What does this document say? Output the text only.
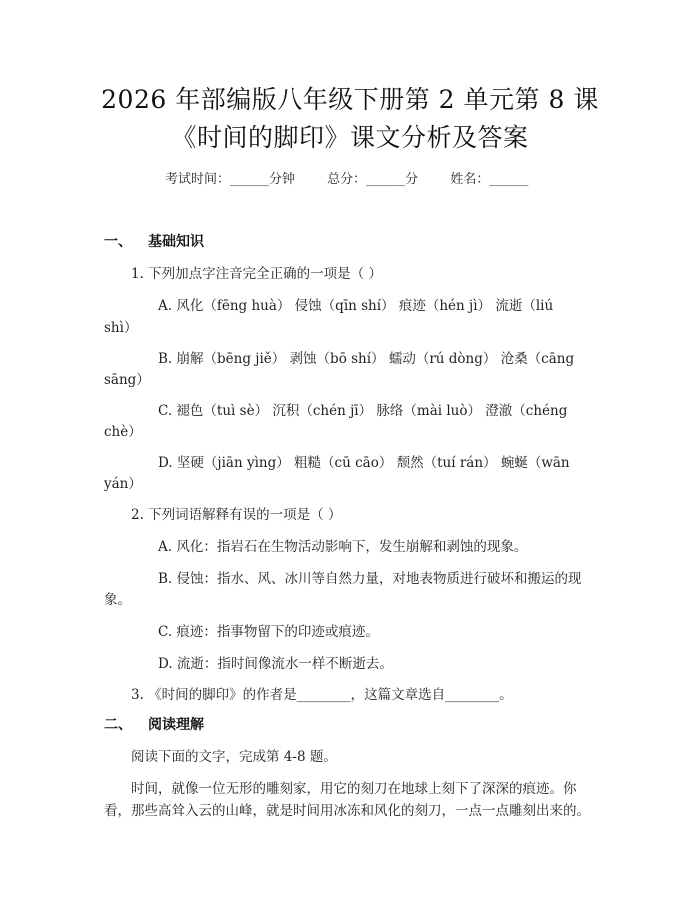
2026 年部编版八年级下册第 2 单元第 8 课
《时间的脚印》课文分析及答案
考试时间：______分钟 总分：______分 姓名：______
一、 基础知识
1. 下列加点字注音完全正确的一项是（ ）
A. 风化（fēng huà） 侵蚀（qīn shí） 痕迹（hén jì） 流逝（liú
shì）
B. 崩解（bēng jiě） 剥蚀（bō shí） 蠕动（rú dòng） 沧桑（cāng
sāng）
C. 褪色（tuì sè） 沉积（chén jī） 脉络（mài luò） 澄澈（chéng
chè）
D. 坚硬（jiān yìng） 粗糙（cū cāo） 颓然（tuí rán） 蜿蜒（wān
yán）
2. 下列词语解释有误的一项是（ ）
A. 风化：指岩石在生物活动影响下，发生崩解和剥蚀的现象。
B. 侵蚀：指水、风、冰川等自然力量，对地表物质进行破坏和搬运的现
象。
C. 痕迹：指事物留下的印迹或痕迹。
D. 流逝：指时间像流水一样不断逝去。
3. 《时间的脚印》的作者是________，这篇文章选自________。
二、 阅读理解
阅读下面的文字，完成第 4-8 题。
时间，就像一位无形的雕刻家，用它的刻刀在地球上刻下了深深的痕迹。你
看，那些高耸入云的山峰，就是时间用冰冻和风化的刻刀，一点一点雕刻出来的。
